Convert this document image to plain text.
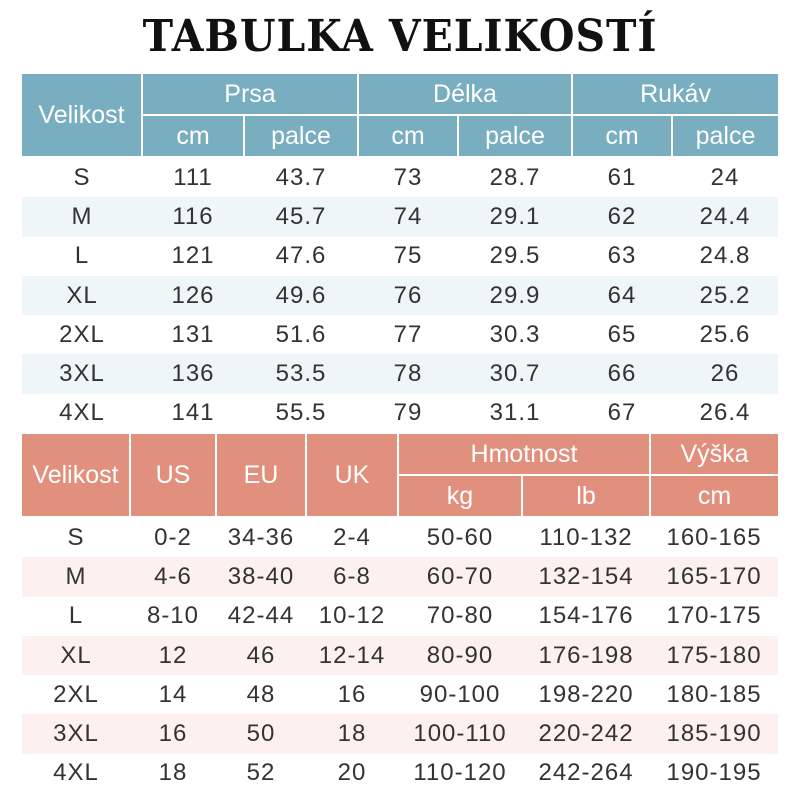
TABULKA VELIKOSTÍ
Velikost	Prsa		Délka		Rukáv	
	cm	palce	cm	palce	cm	palce
S	111	43.7	73	28.7	61	24
M	116	45.7	74	29.1	62	24.4
L	121	47.6	75	29.5	63	24.8
XL	126	49.6	76	29.9	64	25.2
2XL	131	51.6	77	30.3	65	25.6
3XL	136	53.5	78	30.7	66	26
4XL	141	55.5	79	31.1	67	26.4
Velikost	US	EU	UK	Hmotnost		Výška
				kg	lb	cm
S	0-2	34-36	2-4	50-60	110-132	160-165
M	4-6	38-40	6-8	60-70	132-154	165-170
L	8-10	42-44	10-12	70-80	154-176	170-175
XL	12	46	12-14	80-90	176-198	175-180
2XL	14	48	16	90-100	198-220	180-185
3XL	16	50	18	100-110	220-242	185-190
4XL	18	52	20	110-120	242-264	190-195
